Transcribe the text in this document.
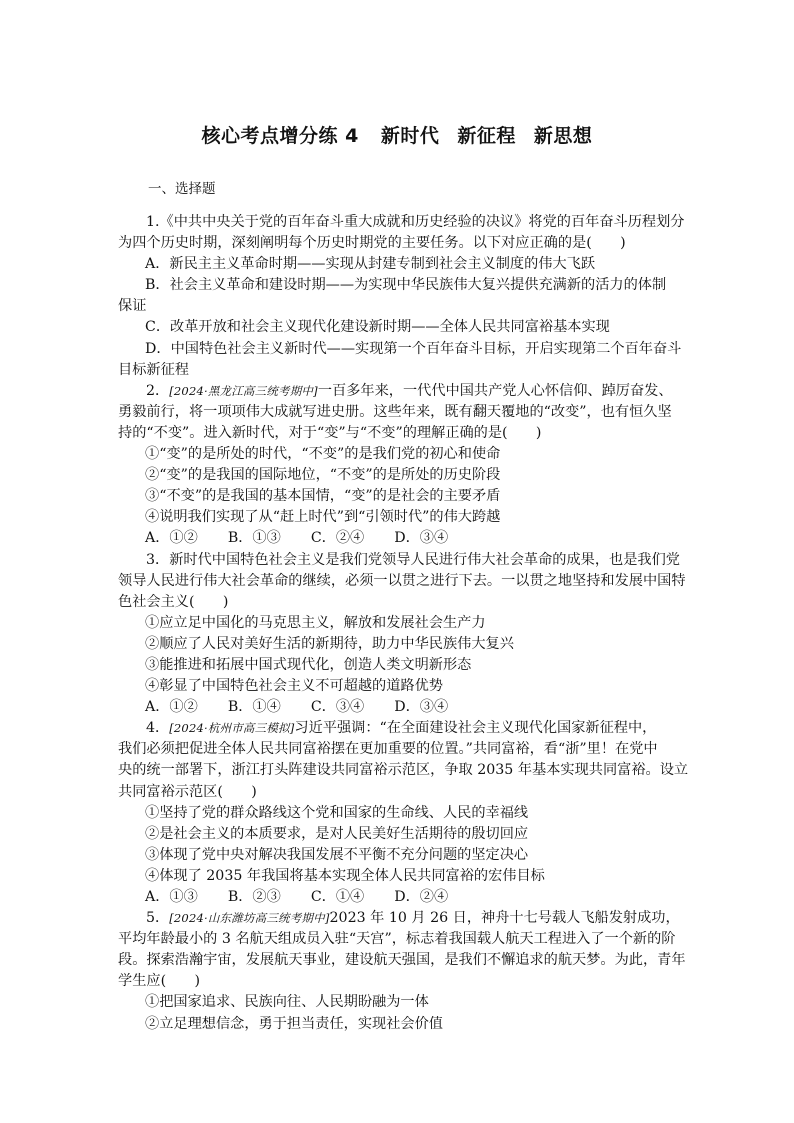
核心考点增分练 4 新时代 新征程 新思想
一、选择题
1.《中共中央关于党的百年奋斗重大成就和历史经验的决议》将党的百年奋斗历程划分
为四个历史时期，深刻阐明每个历史时期党的主要任务。以下对应正确的是(　　)
A．新民主主义革命时期——实现从封建专制到社会主义制度的伟大飞跃
B．社会主义革命和建设时期——为实现中华民族伟大复兴提供充满新的活力的体制
保证
C．改革开放和社会主义现代化建设新时期——全体人民共同富裕基本实现
D．中国特色社会主义新时代——实现第一个百年奋斗目标，开启实现第二个百年奋斗
目标新征程
2．[2024·黑龙江高三统考期中]一百多年来，一代代中国共产党人心怀信仰、踔厉奋发、
勇毅前行，将一项项伟大成就写进史册。这些年来，既有翻天覆地的“改变”，也有恒久坚
持的“不变”。进入新时代，对于“变”与“不变”的理解正确的是(　　)
①“变”的是所处的时代，“不变”的是我们党的初心和使命
②“变”的是我国的国际地位，“不变”的是所处的历史阶段
③“不变”的是我国的基本国情，“变”的是社会的主要矛盾
④说明我们实现了从“赶上时代”到“引领时代”的伟大跨越
A．①② B．①③ C．②④ D．③④
3．新时代中国特色社会主义是我们党领导人民进行伟大社会革命的成果，也是我们党
领导人民进行伟大社会革命的继续，必须一以贯之进行下去。一以贯之地坚持和发展中国特
色社会主义(　　)
①应立足中国化的马克思主义，解放和发展社会生产力
②顺应了人民对美好生活的新期待，助力中华民族伟大复兴
③能推进和拓展中国式现代化，创造人类文明新形态
④彰显了中国特色社会主义不可超越的道路优势
A．①② B．①④ C．③④ D．③④
4．[2024·杭州市高三模拟]习近平强调：“在全面建设社会主义现代化国家新征程中，
我们必须把促进全体人民共同富裕摆在更加重要的位置。”共同富裕，看“浙”里！在党中
央的统一部署下，浙江打头阵建设共同富裕示范区，争取 2035 年基本实现共同富裕。设立
共同富裕示范区(　　)
①坚持了党的群众路线这个党和国家的生命线、人民的幸福线
②是社会主义的本质要求，是对人民美好生活期待的殷切回应
③体现了党中央对解决我国发展不平衡不充分问题的坚定决心
④体现了 2035 年我国将基本实现全体人民共同富裕的宏伟目标
A．①③ B．②③ C．①④ D．②④
5．[2024·山东潍坊高三统考期中]2023 年 10 月 26 日，神舟十七号载人飞船发射成功，
平均年龄最小的 3 名航天组成员入驻“天宫”，标志着我国载人航天工程进入了一个新的阶
段。探索浩瀚宇宙，发展航天事业，建设航天强国，是我们不懈追求的航天梦。为此，青年
学生应(　　)
①把国家追求、民族向往、人民期盼融为一体
②立足理想信念，勇于担当责任，实现社会价值
